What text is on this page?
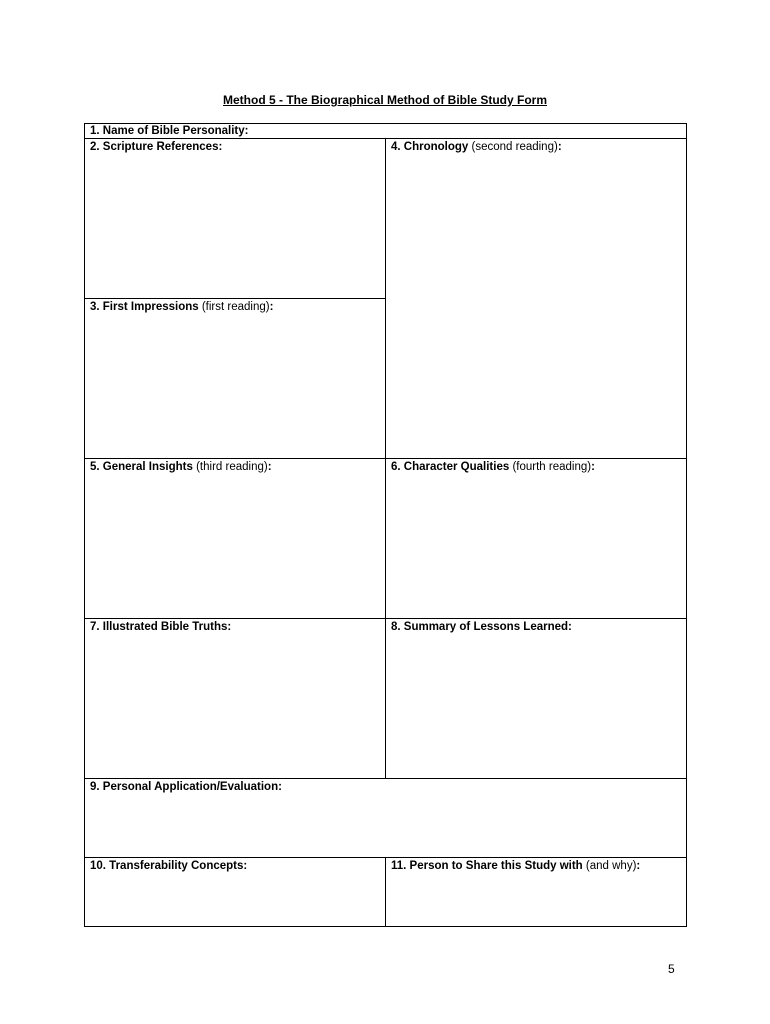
Method 5 - The Biographical Method of Bible Study Form
1. Name of Bible Personality:
2. Scripture References:	4. Chronology (second reading):
3. First Impressions (first reading):
5. General Insights (third reading):	6. Character Qualities (fourth reading):
7. Illustrated Bible Truths:	8. Summary of Lessons Learned:
9. Personal Application/Evaluation:
10. Transferability Concepts:	11. Person to Share this Study with (and why):
5
